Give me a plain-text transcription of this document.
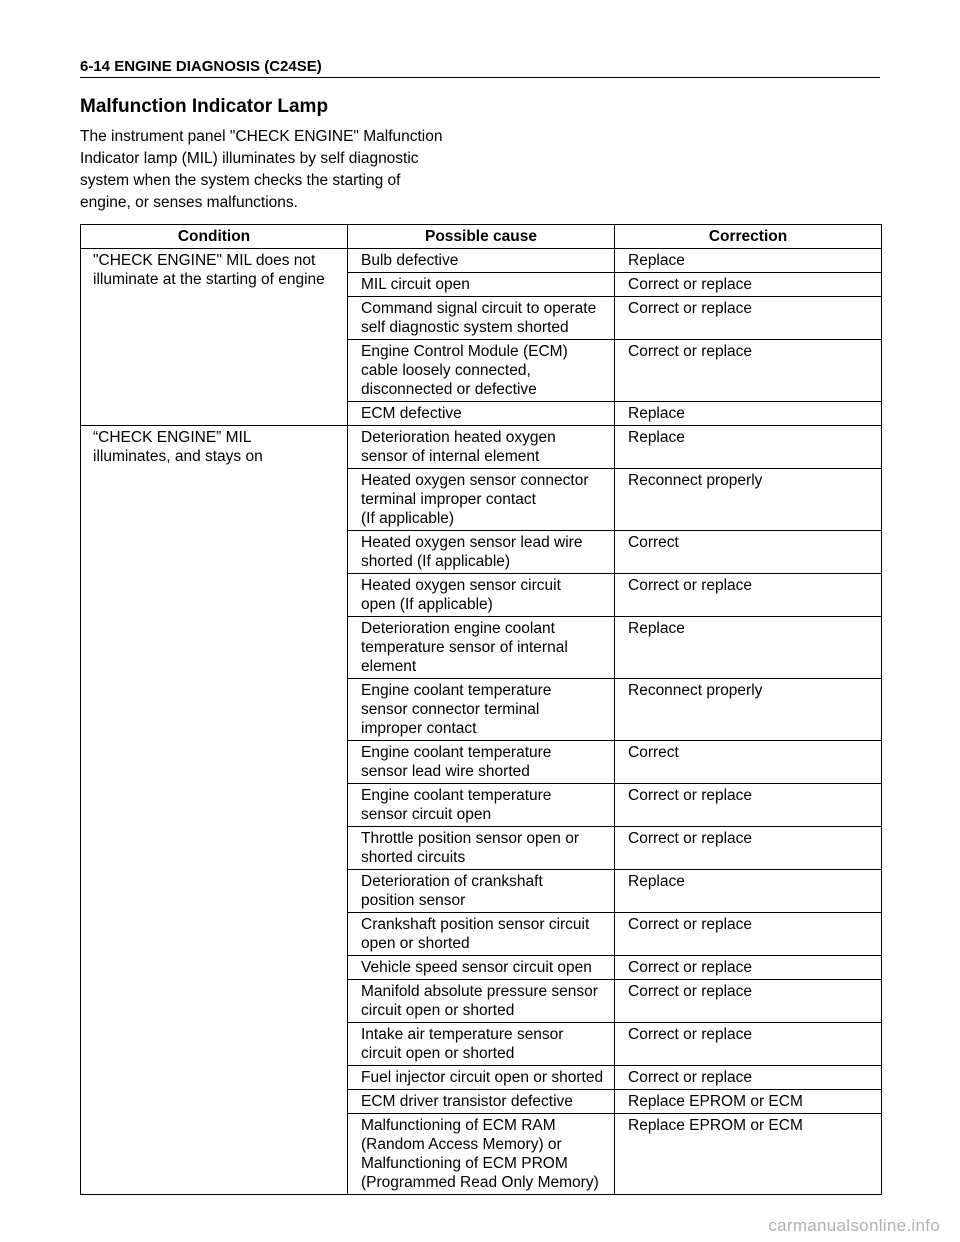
6-14 ENGINE DIAGNOSIS (C24SE)
Malfunction Indicator Lamp
The instrument panel "CHECK ENGINE" Malfunction
Indicator lamp (MIL) illuminates by self diagnostic
system when the system checks the starting of
engine, or senses malfunctions.
Condition	Possible cause	Correction
"CHECK ENGINE" MIL does not
illuminate at the starting of engine	Bulb defective	Replace
	MIL circuit open	Correct or replace
	Command signal circuit to operate
self diagnostic system shorted	Correct or replace
	Engine Control Module (ECM)
cable loosely connected,
disconnected or defective	Correct or replace
	ECM defective	Replace
“CHECK ENGINE” MIL
illuminates, and stays on	Deterioration heated oxygen
sensor of internal element	Replace
	Heated oxygen sensor connector
terminal improper contact
(If applicable)	Reconnect properly
	Heated oxygen sensor lead wire
shorted (If applicable)	Correct
	Heated oxygen sensor circuit
open (If applicable)	Correct or replace
	Deterioration engine coolant
temperature sensor of internal
element	Replace
	Engine coolant temperature
sensor connector terminal
improper contact	Reconnect properly
	Engine coolant temperature
sensor lead wire shorted	Correct
	Engine coolant temperature
sensor circuit open	Correct or replace
	Throttle position sensor open or
shorted circuits	Correct or replace
	Deterioration of crankshaft
position sensor	Replace
	Crankshaft position sensor circuit
open or shorted	Correct or replace
	Vehicle speed sensor circuit open	Correct or replace
	Manifold absolute pressure sensor
circuit open or shorted	Correct or replace
	Intake air temperature sensor
circuit open or shorted	Correct or replace
	Fuel injector circuit open or shorted	Correct or replace
	ECM driver transistor defective	Replace EPROM or ECM
	Malfunctioning of ECM RAM
(Random Access Memory) or
Malfunctioning of ECM PROM
(Programmed Read Only Memory)	Replace EPROM or ECM
carmanualsonline.info
